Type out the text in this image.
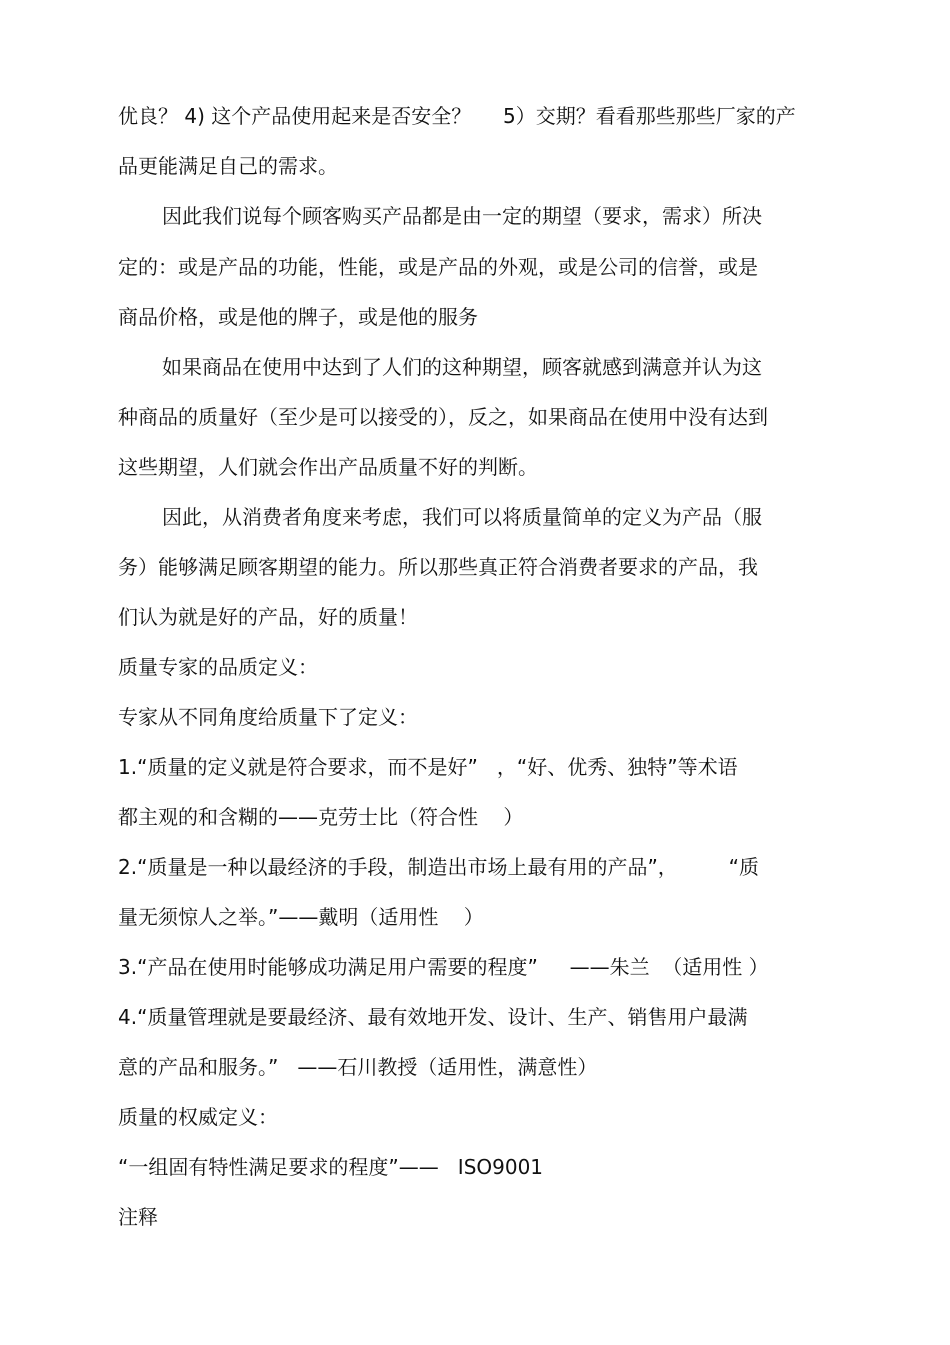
优良？ 4) 这个产品使用起来是否安全？     5）交期？看看那些那些厂家的产
品更能满足自己的需求。
因此我们说每个顾客购买产品都是由一定的期望（要求，需求）所决
定的：或是产品的功能，性能，或是产品的外观，或是公司的信誉，或是
商品价格，或是他的牌子，或是他的服务
如果商品在使用中达到了人们的这种期望，顾客就感到满意并认为这
种商品的质量好（至少是可以接受的），反之，如果商品在使用中没有达到
这些期望，人们就会作出产品质量不好的判断。
因此，从消费者角度来考虑，我们可以将质量简单的定义为产品（服
务）能够满足顾客期望的能力。所以那些真正符合消费者要求的产品，我
们认为就是好的产品，好的质量！
质量专家的品质定义：
专家从不同角度给质量下了定义：
1.“质量的定义就是符合要求，而不是好”   ，“好、优秀、独特”等术语
都主观的和含糊的——克劳士比（符合性    ）
2.“质量是一种以最经济的手段，制造出市场上最有用的产品”，        “质
量无须惊人之举。”——戴明（适用性    ）
3.“产品在使用时能够成功满足用户需要的程度”     ——朱兰  （适用性 ）
4.“质量管理就是要最经济、最有效地开发、设计、生产、销售用户最满
意的产品和服务。”   ——石川教授（适用性，满意性）
质量的权威定义：
“一组固有特性满足要求的程度”——   ISO9001
注释
